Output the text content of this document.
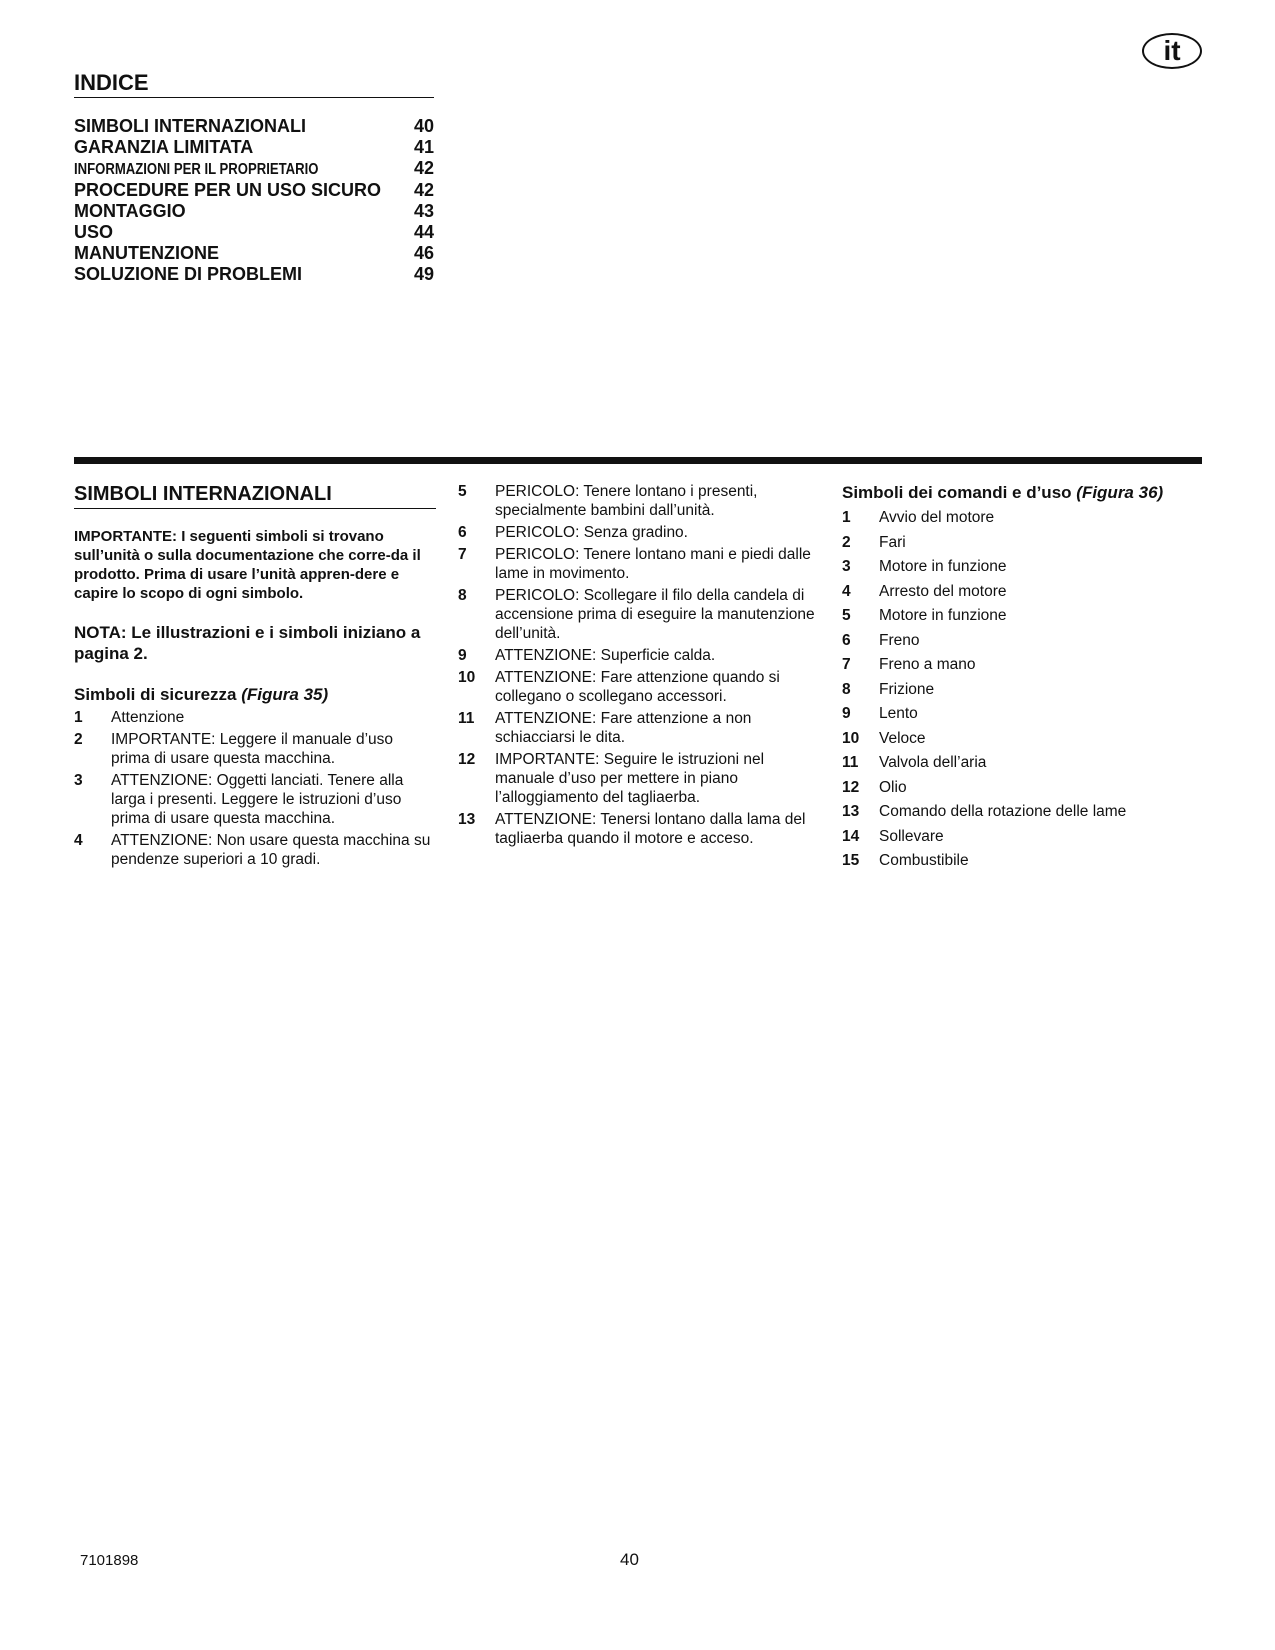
it
INDICE
SIMBOLI INTERNAZIONALI	40
GARANZIA LIMITATA	41
INFORMAZIONI PER IL PROPRIETARIO	42
PROCEDURE PER UN USO SICURO 42
MONTAGGIO	43
USO	44
MANUTENZIONE	46
SOLUZIONE DI PROBLEMI	49
SIMBOLI INTERNAZIONALI

IMPORTANTE: I seguenti simboli si trovano sull’unità o sulla documentazione che corre-da il prodotto. Prima di usare l’unità appren-dere e capire lo scopo di ogni simbolo.

NOTA: Le illustrazioni e i simboli iniziano a pagina 2.

Simboli di sicurezza (Figura 35)
1	Attenzione
2	IMPORTANTE: Leggere il manuale d’uso prima di usare questa macchina.
3	ATTENZIONE: Oggetti lanciati. Tenere alla larga i presenti. Leggere le istruzioni d’uso prima di usare questa macchina.
4	ATTENZIONE: Non usare questa macchina su pendenze superiori a 10 gradi.
5	PERICOLO: Tenere lontano i presenti, specialmente bambini dall’unità.
6	PERICOLO: Senza gradino.
7	PERICOLO: Tenere lontano mani e piedi dalle lame in movimento.
8	PERICOLO: Scollegare il filo della candela di accensione prima di eseguire la manutenzione dell’unità.
9	ATTENZIONE: Superficie calda.
10	ATTENZIONE: Fare attenzione quando si collegano o scollegano accessori.
11	ATTENZIONE: Fare attenzione a non schiacciarsi le dita.
12	IMPORTANTE: Seguire le istruzioni nel manuale d’uso per mettere in piano l’alloggiamento del tagliaerba.
13	ATTENZIONE: Tenersi lontano dalla lama del tagliaerba quando il motore e acceso.
Simboli dei comandi e d’uso (Figura 36)
1	Avvio del motore
2	Fari
3	Motore in funzione
4	Arresto del motore
5	Motore in funzione
6	Freno
7	Freno a mano
8	Frizione
9	Lento
10	Veloce
11	Valvola dell’aria
12	Olio
13	Comando della rotazione delle lame
14	Sollevare
15	Combustibile
7101898	40
